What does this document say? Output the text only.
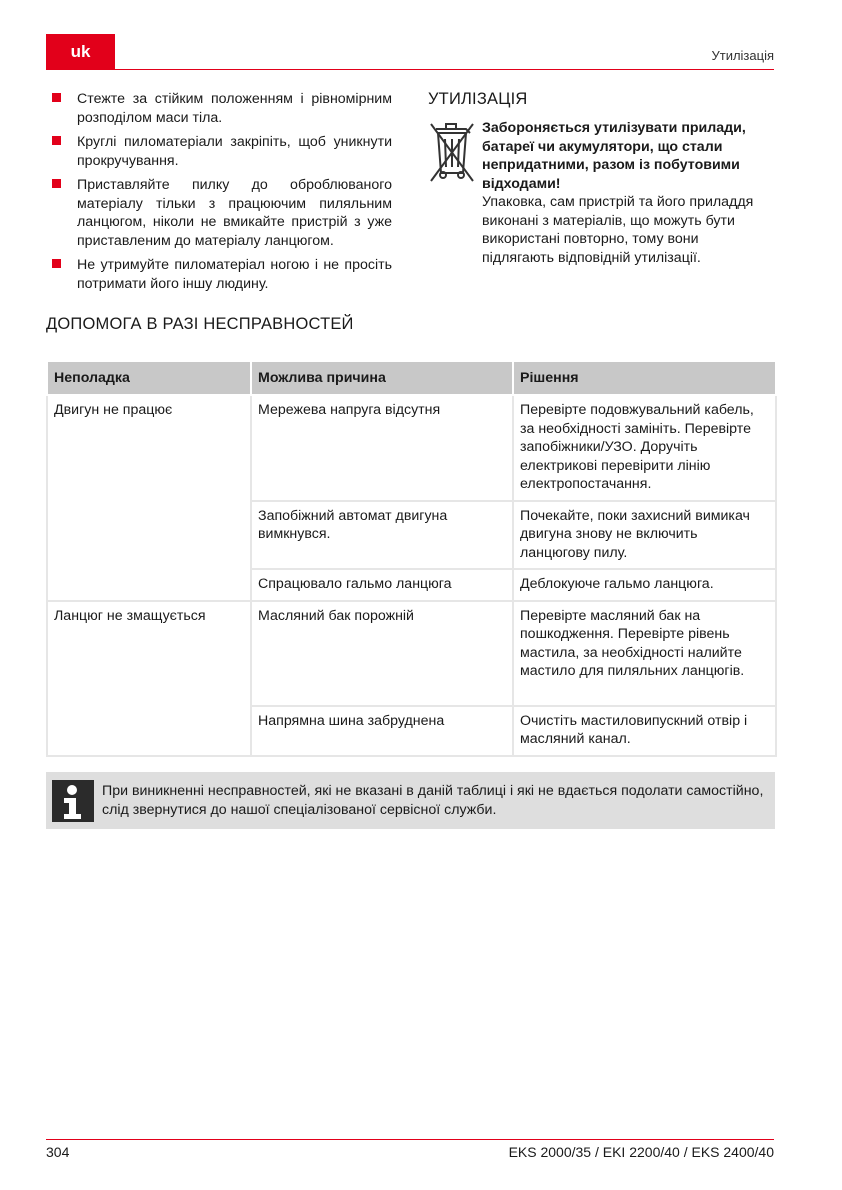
uk	Утилізація
Стежте за стійким положенням і рівномірним розподілом маси тіла.
Круглі пиломатеріали закріпіть, щоб уникнути прокручування.
Приставляйте пилку до оброблюваного матеріалу тільки з працюючим пиляльним ланцюгом, ніколи не вмикайте пристрій з уже приставленим до матеріалу ланцюгом.
Не утримуйте пиломатеріал ногою і не просіть потримати його іншу людину.
УТИЛІЗАЦІЯ
Забороняється утилізувати прилади, батареї чи акумулятори, що стали непридатними, разом із побутовими відходами!
Упаковка, сам пристрій та його приладдя виконані з матеріалів, що можуть бути використані повторно, тому вони підлягають відповідній утилізації.
ДОПОМОГА В РАЗІ НЕСПРАВНОСТЕЙ
Неполадка	Можлива причина	Рішення
Двигун не працює	Мережева напруга відсутня	Перевірте подовжувальний кабель, за необхідності замініть. Перевірте запобіжники/УЗО. Доручіть електрикові перевірити лінію електропостачання.
	Запобіжний автомат двигуна вимкнувся.	Почекайте, поки захисний вимикач двигуна знову не включить ланцюгову пилу.
	Спрацювало гальмо ланцюга	Деблокуюче гальмо ланцюга.
Ланцюг не змащується	Масляний бак порожній	Перевірте масляний бак на пошкодження. Перевірте рівень мастила, за необхідності налийте мастило для пиляльних ланцюгів.
	Напрямна шина забруднена	Очистіть мастиловипускний отвір і масляний канал.
При виникненні несправностей, які не вказані в даній таблиці і які не вдається подолати самостійно, слід звернутися до нашої спеціалізованої сервісної служби.
304	EKS 2000/35 / EKI 2200/40 / EKS 2400/40
